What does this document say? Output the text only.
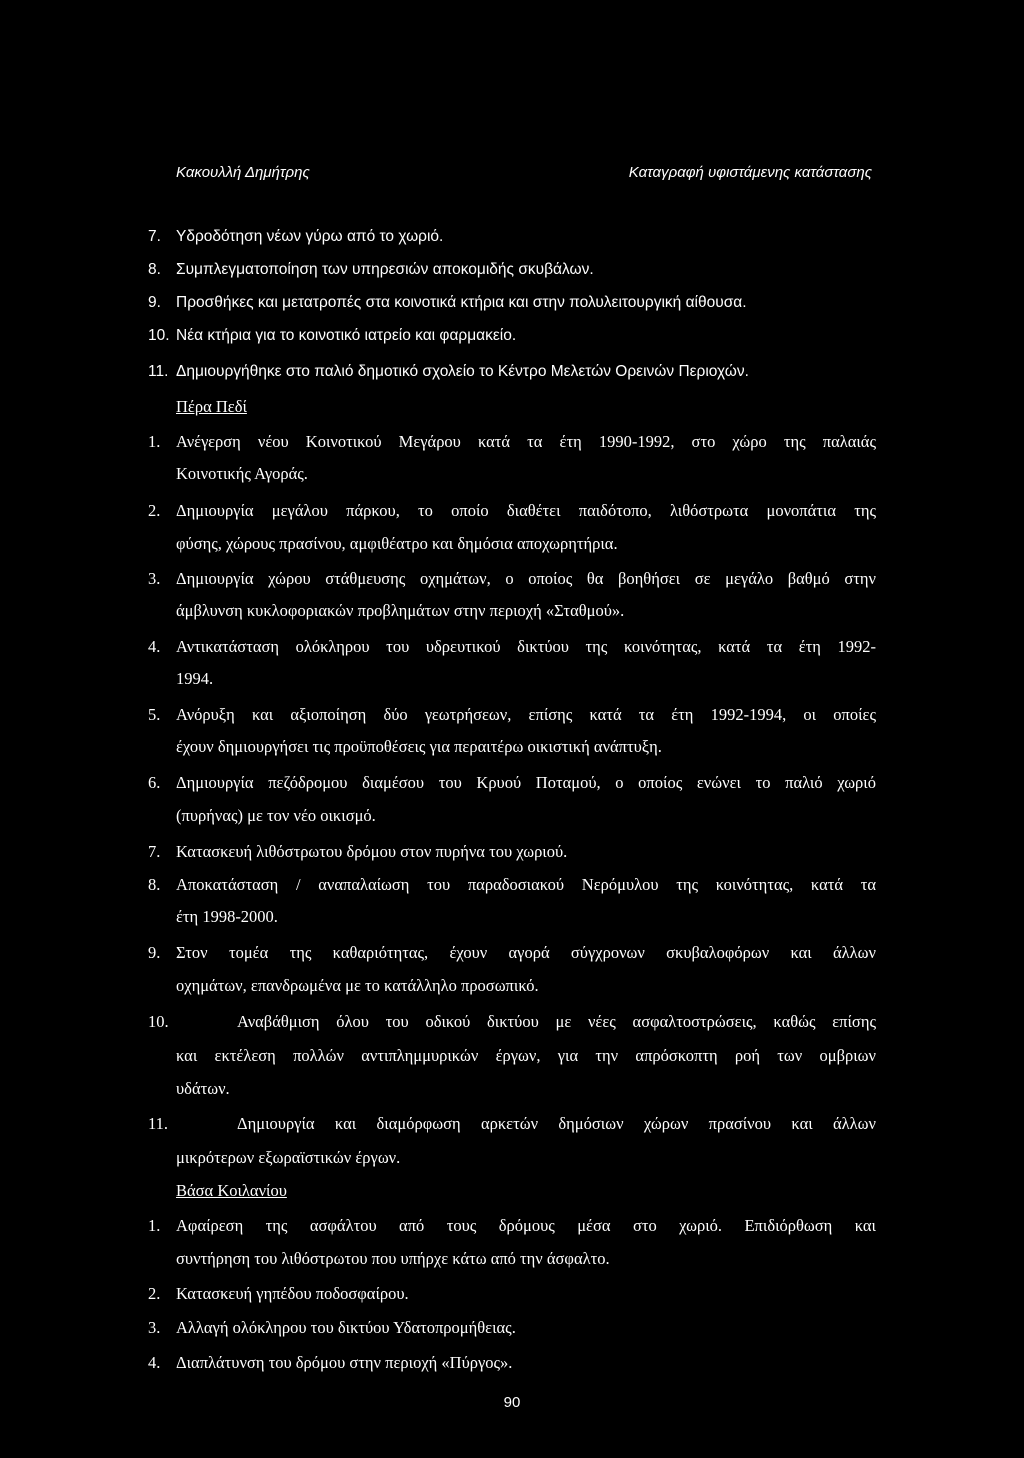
Κακουλλή Δημήτρης	Καταγραφή υφιστάμενης κατάστασης
7. Υδροδότηση νέων γύρω από το χωριό.
8. Συμπλεγματοποίηση των υπηρεσιών αποκομιδής σκυβάλων.
9. Προσθήκες και μετατροπές στα κοινοτικά κτήρια και στην πολυλειτουργική αίθουσα.
10. Νέα κτήρια για το κοινοτικό ιατρείο και φαρμακείο.
11. Δημιουργήθηκε στο παλιό δημοτικό σχολείο το Κέντρο Μελετών Ορεινών Περιοχών.
Πέρα Πεδί
1. Ανέγερση νέου Κοινοτικού Μεγάρου κατά τα έτη 1990-1992, στο χώρο της παλαιάς
Κοινοτικής Αγοράς.
2. Δημιουργία μεγάλου πάρκου, το οποίο διαθέτει παιδότοπο, λιθόστρωτα μονοπάτια της
φύσης, χώρους πρασίνου, αμφιθέατρο και δημόσια αποχωρητήρια.
3. Δημιουργία χώρου στάθμευσης οχημάτων, ο οποίος θα βοηθήσει σε μεγάλο βαθμό στην
άμβλυνση κυκλοφοριακών προβλημάτων στην περιοχή «Σταθμού».
4. Αντικατάσταση ολόκληρου του υδρευτικού δικτύου της κοινότητας, κατά τα έτη 1992-
1994.
5. Ανόρυξη και αξιοποίηση δύο γεωτρήσεων, επίσης κατά τα έτη 1992-1994, οι οποίες
έχουν δημιουργήσει τις προϋποθέσεις για περαιτέρω οικιστική ανάπτυξη.
6. Δημιουργία πεζόδρομου διαμέσου του Κρυού Ποταμού, ο οποίος ενώνει το παλιό χωριό
(πυρήνας) με τον νέο οικισμό.
7. Κατασκευή λιθόστρωτου δρόμου στον πυρήνα του χωριού.
8. Αποκατάσταση / αναπαλαίωση του παραδοσιακού Νερόμυλου της κοινότητας, κατά τα
έτη 1998-2000.
9. Στον τομέα της καθαριότητας, έχουν αγορά σύγχρονων σκυβαλοφόρων και άλλων
οχημάτων, επανδρωμένα με το κατάλληλο προσωπικό.
10.	Αναβάθμιση όλου του οδικού δικτύου με νέες ασφαλτοστρώσεις, καθώς επίσης
και εκτέλεση πολλών αντιπλημμυρικών έργων, για την απρόσκοπτη ροή των ομβριων
υδάτων.
11.	Δημιουργία και διαμόρφωση αρκετών δημόσιων χώρων πρασίνου και άλλων
μικρότερων εξωραϊστικών έργων.
Βάσα Κοιλανίου
1. Αφαίρεση της ασφάλτου από τους δρόμους μέσα στο χωριό. Επιδιόρθωση και
συντήρηση του λιθόστρωτου που υπήρχε κάτω από την άσφαλτο.
2. Κατασκευή γηπέδου ποδοσφαίρου.
3. Αλλαγή ολόκληρου του δικτύου Υδατοπρομήθειας.
4. Διαπλάτυνση του δρόμου στην περιοχή «Πύργος».
90
